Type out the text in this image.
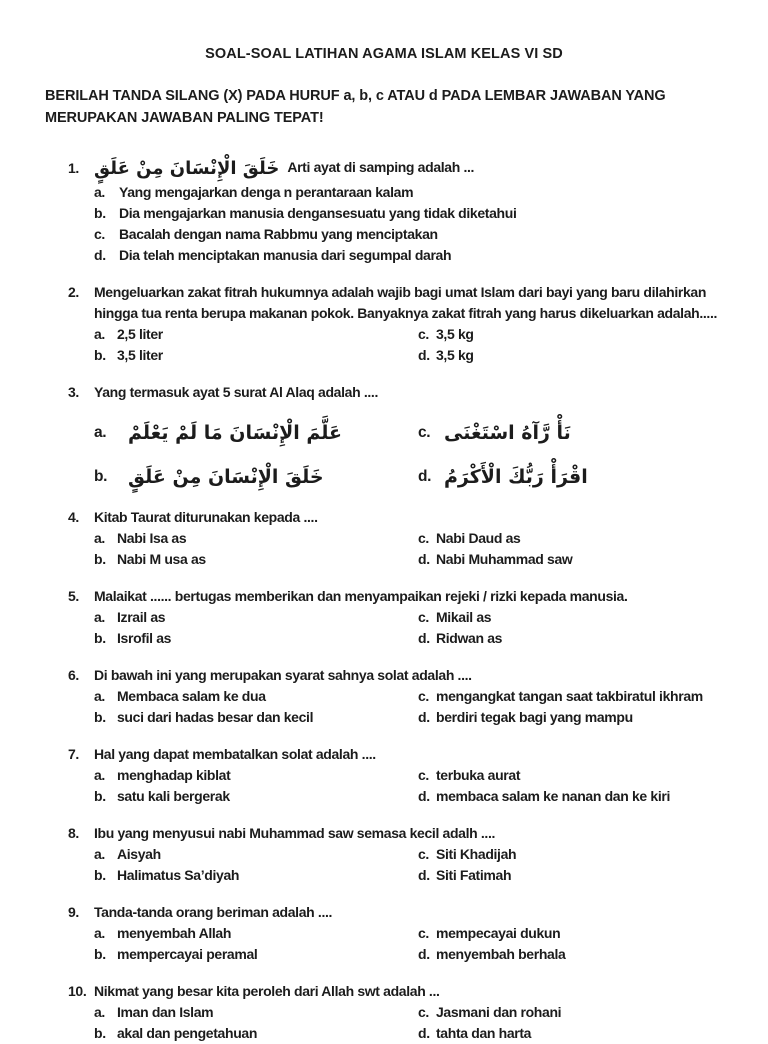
SOAL-SOAL LATIHAN AGAMA ISLAM KELAS VI SD
BERILAH TANDA SILANG (X) PADA HURUF a, b, c ATAU d PADA LEMBAR JAWABAN YANG MERUPAKAN JAWABAN PALING TEPAT!
1. خَلَقَ الْإِنْسَانَ مِنْ عَلَقٍ Arti ayat di samping adalah ...
a.	Yang mengajarkan denga n perantaraan kalam
b. Dia mengajarkan manusia dengansesuatu yang tidak diketahui
c.	Bacalah dengan nama Rabbmu yang menciptakan
d. Dia telah menciptakan manusia dari segumpal darah
2.	Mengeluarkan zakat fitrah hukumnya adalah wajib bagi umat Islam dari bayi yang baru dilahirkan hingga tua renta berupa makanan pokok. Banyaknya zakat fitrah yang harus dikeluarkan adalah.....
a. 2,5 liter	c. 3,5 kg
b. 3,5 liter	d. 3,5 kg
3.	Yang termasuk ayat 5 surat Al Alaq adalah ....
a.	عَلَّمَ الْإِنْسَانَ مَا لَمْ يَعْلَمْ	c. نَأْ رَّآهُ اسْتَغْنَى
b.	خَلَقَ الْإِنْسَانَ مِنْ عَلَقٍ	d. اقْرَأْ رَبُّكَ الْأَكْرَمُ
4.	Kitab Taurat diturunakan kepada ....
a. Nabi Isa as	c. Nabi Daud as
b. Nabi M usa as	d. Nabi Muhammad saw
5.	Malaikat ...... bertugas memberikan dan menyampaikan rejeki / rizki kepada manusia.
a. Izrail as	c. Mikail as
b. Isrofil as	d. Ridwan as
6.	Di bawah ini yang merupakan syarat sahnya solat adalah ....
a. Membaca salam ke dua	c. mengangkat tangan saat takbiratul ikhram
b. suci dari hadas besar dan kecil	d. berdiri tegak bagi yang mampu
7.	Hal yang dapat membatalkan solat adalah ....
a. menghadap kiblat	c. terbuka aurat
b. satu kali bergerak	d. membaca salam ke nanan dan ke kiri
8.	Ibu yang menyusui nabi Muhammad saw semasa kecil adalh ....
a. Aisyah	c. Siti Khadijah
b. Halimatus Sa’diyah	d. Siti Fatimah
9.	Tanda-tanda orang beriman adalah ....
a. menyembah Allah	c. mempecayai dukun
b. mempercayai peramal	d. menyembah berhala
10. Nikmat yang besar kita peroleh dari Allah swt adalah ...
a. Iman dan Islam	c. Jasmani dan rohani
b. akal dan pengetahuan	d. tahta dan harta
